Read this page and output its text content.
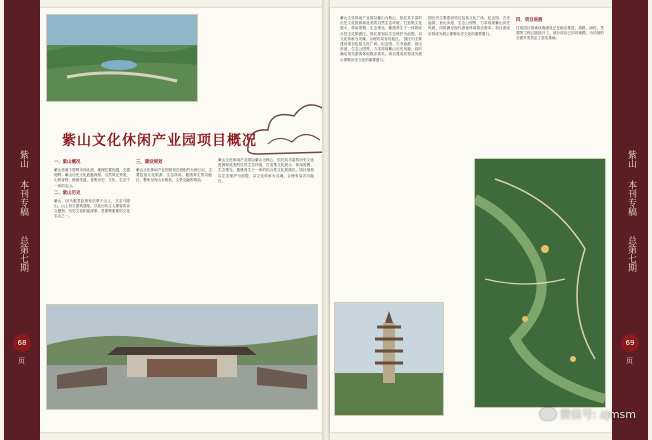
紫山
本刊专稿
总第七期
68
页
紫山文化休闲产业园项目概况
一、紫山概况
紫山坐落于邯郸市西北部，地理位置优越，交通便利。紫山历史文化底蕴深厚，自然风光秀美，山势奇特，植被茂盛，是集历史、文化、生态于一体的名山。
二、紫山历史
紫山，因马服君赵奢死后葬于山上，又名马服山。山上有古建筑遗址，以及历代文人墨客的诗文题刻，历史文化积淀深厚，是邯郸重要的文化名山之一。
三、建设规划
紫山文化休闲产业园规划总面积约为两万亩，主要包括文化旅游、生态休闲、健康养生等功能区，整体呈现山水相依、文景交融的格局。
紫山文化休闲产业园以紫山为核心，依托其丰富的历史文化资源和优美的自然生态环境，打造集文化展示、休闲度假、生态观光、健康养生于一体的综合性文化旅游区。园区规划以生态保护为前提，以文化传承为灵魂，合理布局各功能区。
紫山文化休闲产业园以紫山为核心，依托其丰富的历史文化资源和优美的自然生态环境，打造集文化展示、休闲度假、生态观光、健康养生于一体的综合性文化旅游区。园区规划以生态保护为前提，以文化传承为灵魂，合理布局各功能区。 园区内主要建设项目包括文化广场、纪念馆、古寺庙群、登山步道、生态公园等，力求再现紫山历史风貌，同时满足现代游客休闲娱乐需求。项目建成后将成为展示邯郸历史文化的重要窗口。
园区内主要建设项目包括文化广场、纪念馆、古寺庙群、登山步道、生态公园等，力求再现紫山历史风貌，同时满足现代游客休闲娱乐需求。项目建成后将成为展示邯郸历史文化的重要窗口。
四、项目进展
目前园区基础设施建设正在稳步推进，道路、绿化、景观等工程已陆续开工，部分项目已初具规模，为后续的全面开发奠定了坚实基础。
紫山
本刊专稿
总第七期
69
页
微信号: zjmsm
